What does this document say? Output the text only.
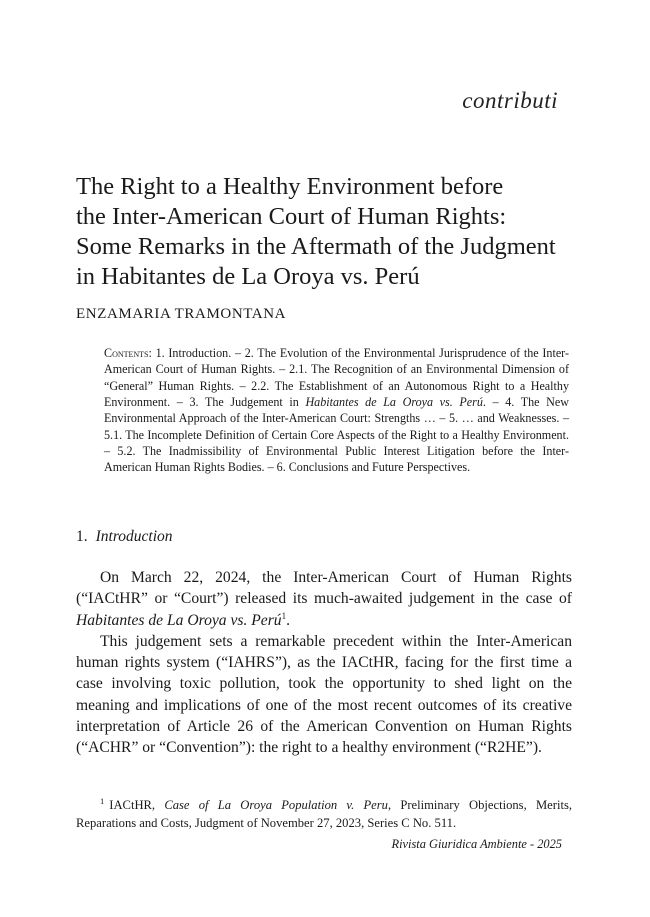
contributi
The Right to a Healthy Environment before
the Inter-American Court of Human Rights:
Some Remarks in the Aftermath of the Judgment
in Habitantes de La Oroya vs. Perú
ENZAMARIA TRAMONTANA

Contents: 1. Introduction. – 2. The Evolution of the Environmental Jurisprudence of the Inter-American Court of Human Rights. – 2.1. The Recognition of an Environmental Dimension of “General” Human Rights. – 2.2. The Establishment of an Autonomous Right to a Healthy Environment. – 3. The Judgement in Habitantes de La Oroya vs. Perú. – 4. The New Environmental Approach of the Inter-American Court: Strengths … – 5. … and Weaknesses. – 5.1. The Incomplete Definition of Certain Core Aspects of the Right to a Healthy Environment. – 5.2. The Inadmissibility of Environmental Public Interest Litigation before the Inter-American Human Rights Bodies. – 6. Conclusions and Future Perspectives.

1. Introduction

On March 22, 2024, the Inter-American Court of Human Rights (“IACtHR” or “Court”) released its much-awaited judgement in the case of Habitantes de La Oroya vs. Perú$^1$.

This judgement sets a remarkable precedent within the Inter-American human rights system (“IAHRS”), as the IACtHR, facing for the first time a case involving toxic pollution, took the opportunity to shed light on the meaning and implications of one of the most recent outcomes of its creative interpretation of Article 26 of the American Convention on Human Rights (“ACHR” or “Convention”): the right to a healthy environment (“R2HE”).

$^1$ IACtHR, Case of La Oroya Population v. Peru, Preliminary Objections, Merits, Reparations and Costs, Judgment of November 27, 2023, Series C No. 511.

Rivista Giuridica Ambiente - 2025
